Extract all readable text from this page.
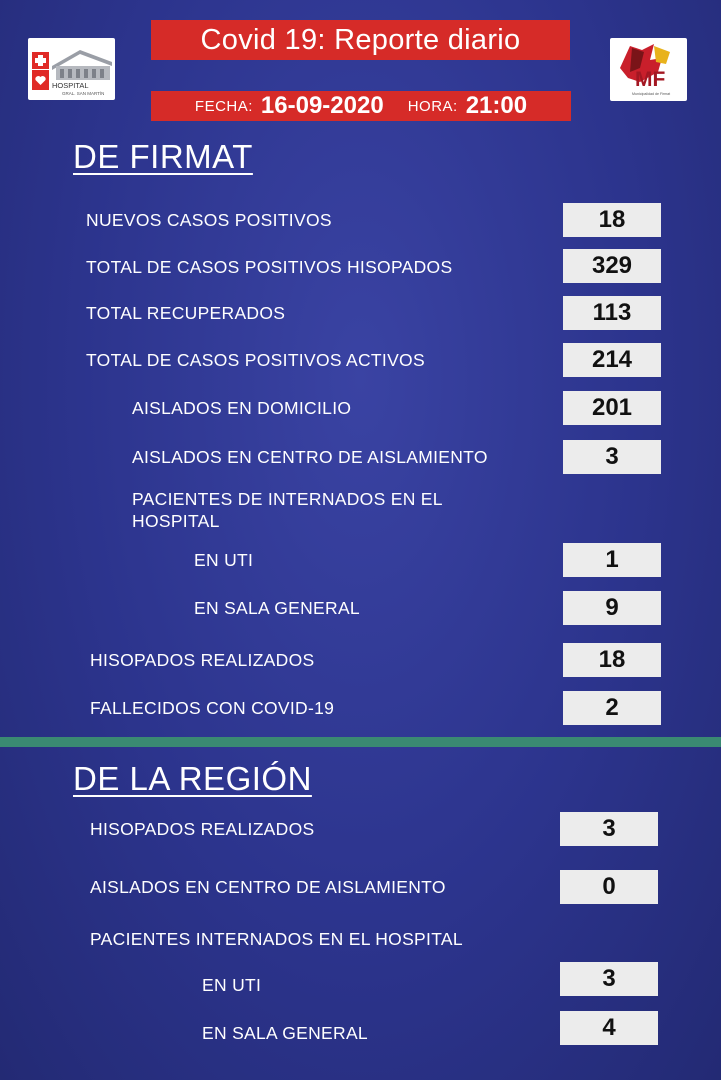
HOSPITAL
GRAL. SAN MARTÍN
Covid 19: Reporte diario
MF
Municipalidad de Firmat
FECHA: 16-09-2020 HORA: 21:00
DE FIRMAT
NUEVOS CASOS POSITIVOS	18
TOTAL DE CASOS POSITIVOS HISOPADOS	329
TOTAL RECUPERADOS	113
TOTAL DE CASOS POSITIVOS ACTIVOS	214
AISLADOS EN DOMICILIO	201
AISLADOS EN CENTRO DE AISLAMIENTO	3
PACIENTES DE INTERNADOS EN EL HOSPITAL
EN UTI	1
EN SALA GENERAL	9
HISOPADOS REALIZADOS	18
FALLECIDOS CON COVID-19	2
DE LA REGIÓN
HISOPADOS REALIZADOS	3
AISLADOS EN CENTRO DE AISLAMIENTO	0
PACIENTES INTERNADOS EN EL HOSPITAL
EN UTI	3
EN SALA GENERAL	4
